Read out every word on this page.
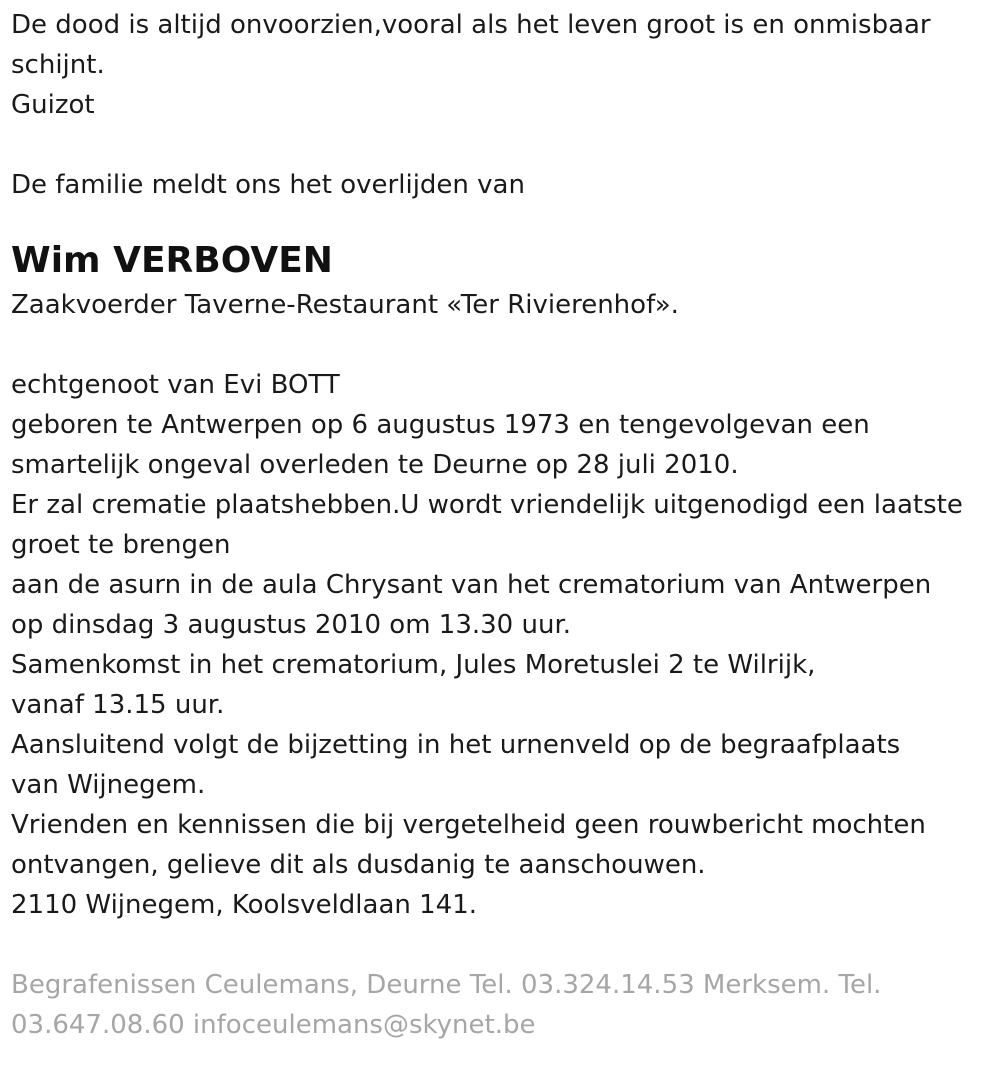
De dood is altijd onvoorzien,vooral als het leven groot is en onmisbaar
schijnt.
Guizot
De familie meldt ons het overlijden van
Wim VERBOVEN
Zaakvoerder Taverne-Restaurant «Ter Rivierenhof».
echtgenoot van Evi BOTT
geboren te Antwerpen op 6 augustus 1973 en tengevolgevan een
smartelijk ongeval overleden te Deurne op 28 juli 2010.
Er zal crematie plaatshebben.U wordt vriendelijk uitgenodigd een laatste
groet te brengen
aan de asurn in de aula Chrysant van het crematorium van Antwerpen
op dinsdag 3 augustus 2010 om 13.30 uur.
Samenkomst in het crematorium, Jules Moretuslei 2 te Wilrijk,
vanaf 13.15 uur.
Aansluitend volgt de bijzetting in het urnenveld op de begraafplaats
van Wijnegem.
Vrienden en kennissen die bij vergetelheid geen rouwbericht mochten
ontvangen, gelieve dit als dusdanig te aanschouwen.
2110 Wijnegem, Koolsveldlaan 141.
Begrafenissen Ceulemans, Deurne Tel. 03.324.14.53 Merksem. Tel.
03.647.08.60 infoceulemans@skynet.be
